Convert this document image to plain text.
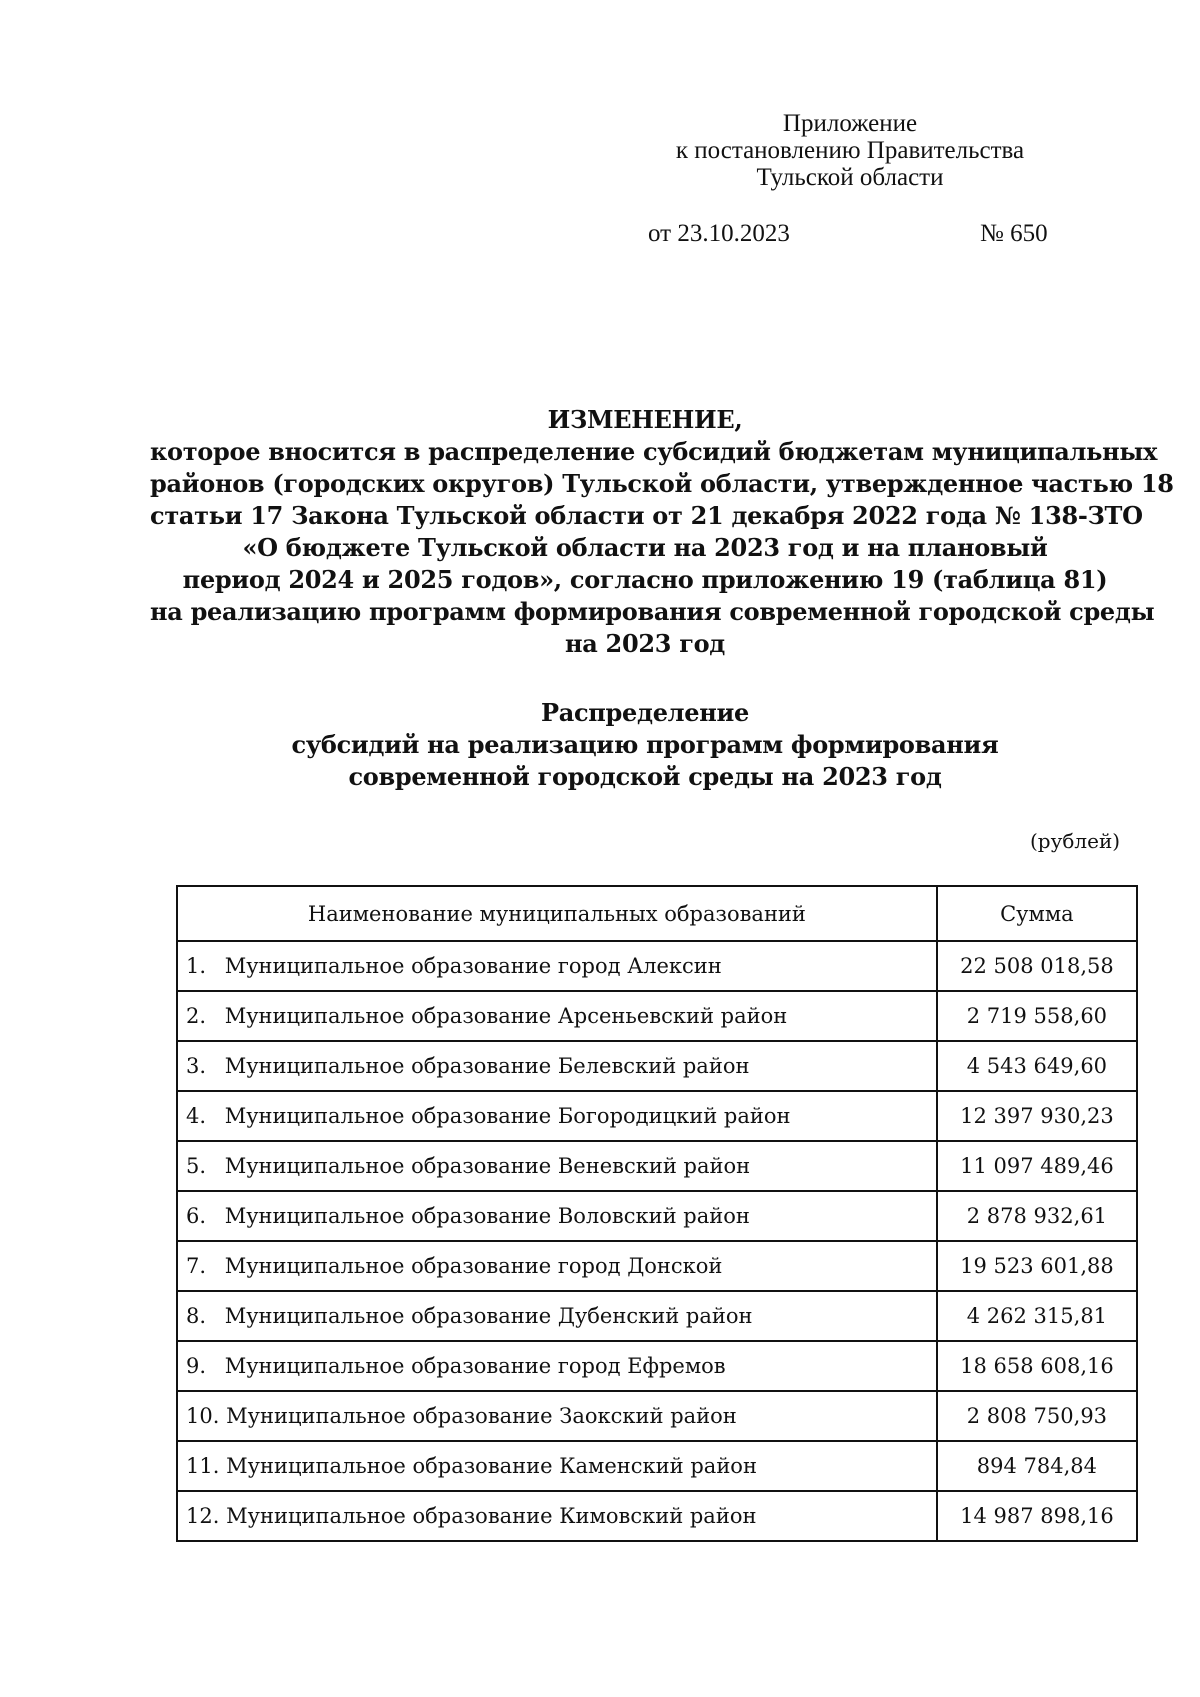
Приложение
к постановлению Правительства
Тульской области
от 23.10.2023	№ 650
ИЗМЕНЕНИЕ,
которое вносится в распределение субсидий бюджетам муниципальных
районов (городских округов) Тульской области, утвержденное частью 18
статьи 17 Закона Тульской области от 21 декабря 2022 года № 138-ЗТО
«О бюджете Тульской области на 2023 год и на плановый
период 2024 и 2025 годов», согласно приложению 19 (таблица 81)
на реализацию программ формирования современной городской среды
на 2023 год
Распределение
субсидий на реализацию программ формирования
современной городской среды на 2023 год
(рублей)
Наименование муниципальных образований	Сумма
1. Муниципальное образование город Алексин	22 508 018,58
2. Муниципальное образование Арсеньевский район	2 719 558,60
3. Муниципальное образование Белевский район	4 543 649,60
4. Муниципальное образование Богородицкий район	12 397 930,23
5. Муниципальное образование Веневский район	11 097 489,46
6. Муниципальное образование Воловский район	2 878 932,61
7. Муниципальное образование город Донской	19 523 601,88
8. Муниципальное образование Дубенский район	4 262 315,81
9. Муниципальное образование город Ефремов	18 658 608,16
10. Муниципальное образование Заокский район	2 808 750,93
11. Муниципальное образование Каменский район	894 784,84
12. Муниципальное образование Кимовский район	14 987 898,16
